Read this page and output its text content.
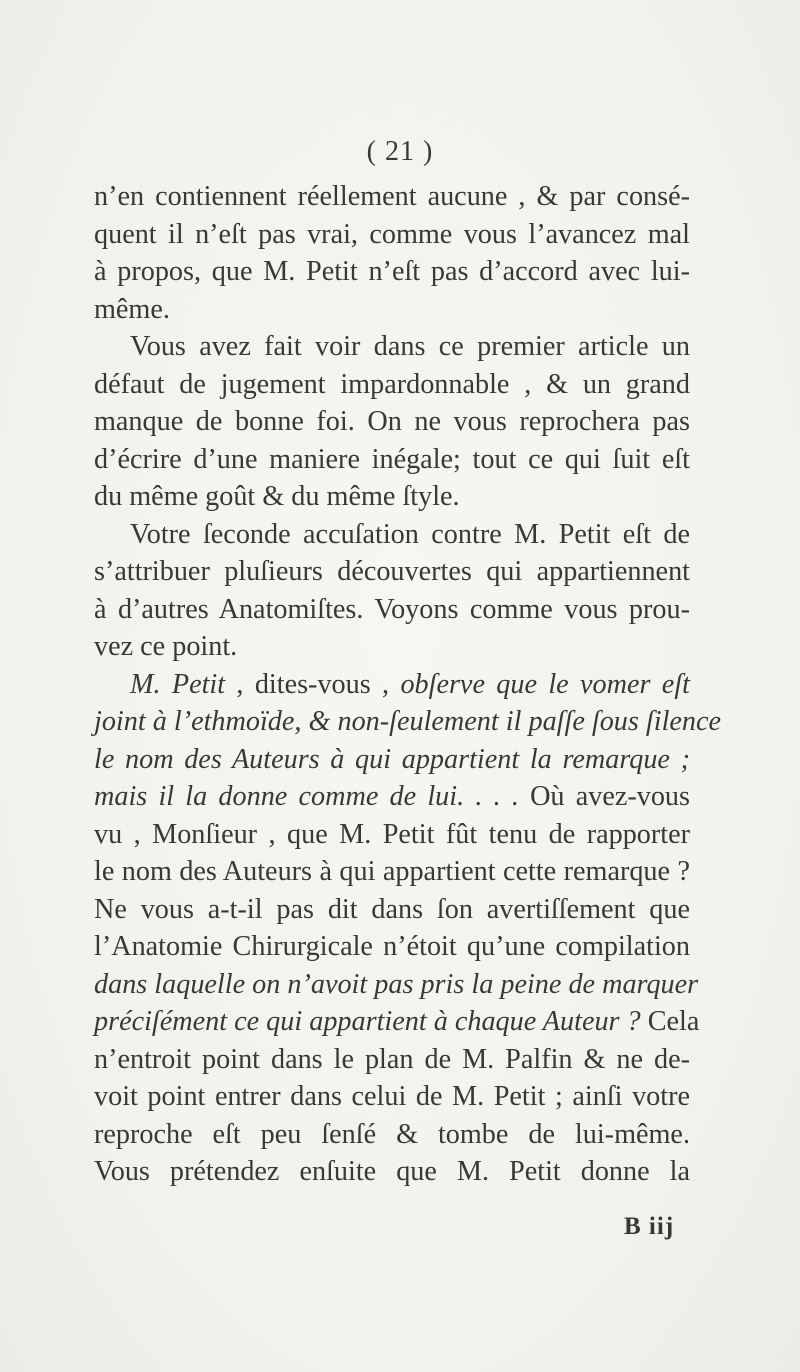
( 21 )
n’en contiennent réellement aucune , & par consé-
quent il n’eſt pas vrai, comme vous l’avancez mal
à propos, que M. Petit n’eſt pas d’accord avec lui-
même.
Vous avez fait voir dans ce premier article un
défaut de jugement impardonnable , & un grand
manque de bonne foi. On ne vous reprochera pas
d’écrire d’une maniere inégale; tout ce qui ſuit eſt
du même goût & du même ſtyle.
Votre ſeconde accuſation contre M. Petit eſt de
s’attribuer pluſieurs découvertes qui appartiennent
à d’autres Anatomiſtes. Voyons comme vous prou-
vez ce point.
M. Petit , dites-vous , obſerve que le vomer eſt
joint à l’ethmoïde, & non-ſeulement il paſſe ſous ſilence
le nom des Auteurs à qui appartient la remarque ;
mais il la donne comme de lui. . . . Où avez-vous
vu , Monſieur , que M. Petit fût tenu de rapporter
le nom des Auteurs à qui appartient cette remarque ?
Ne vous a-t-il pas dit dans ſon avertiſſement que
l’Anatomie Chirurgicale n’étoit qu’une compilation
dans laquelle on n’avoit pas pris la peine de marquer
préciſément ce qui appartient à chaque Auteur ? Cela
n’entroit point dans le plan de M. Palfin & ne de-
voit point entrer dans celui de M. Petit ; ainſi votre
reproche eſt peu ſenſé & tombe de lui-même.
Vous prétendez enſuite que M. Petit donne la
B iij
